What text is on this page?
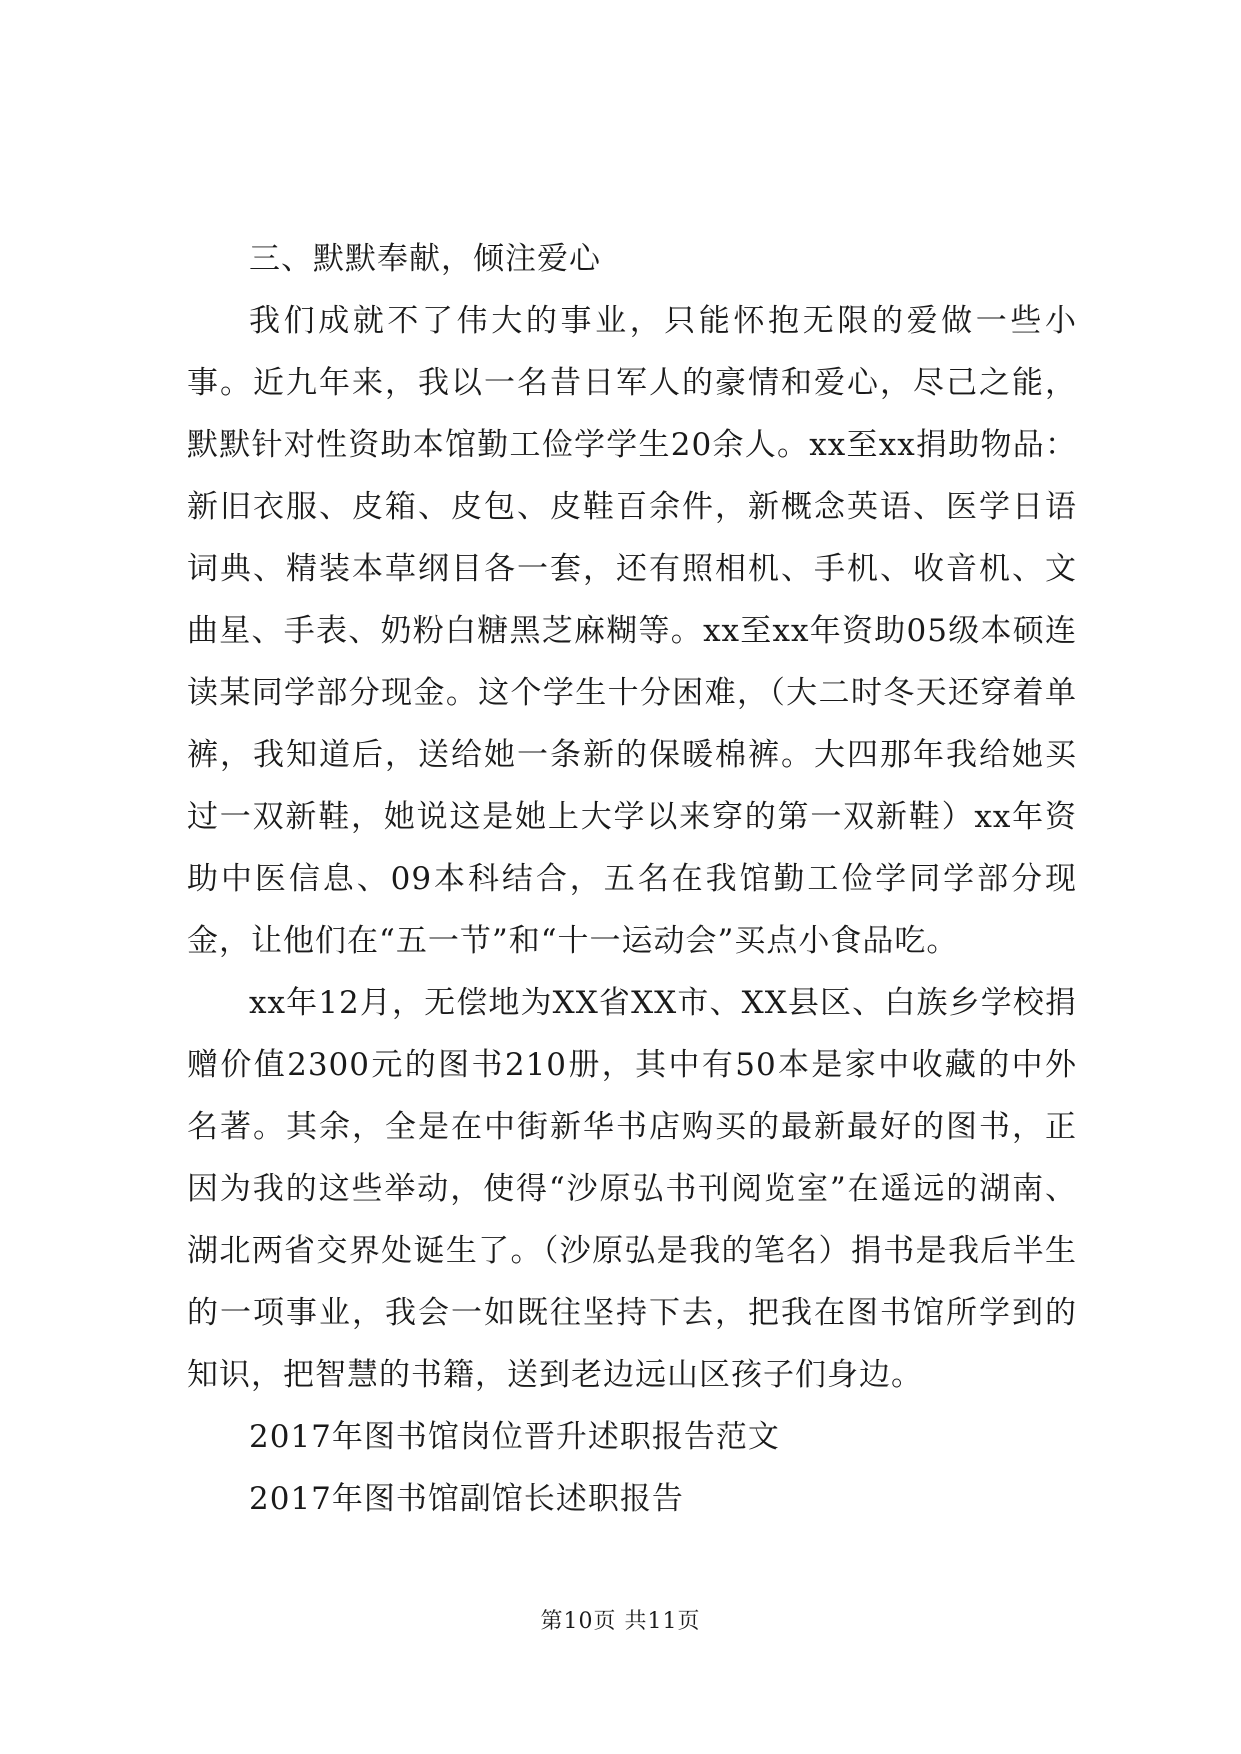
三、默默奉献，倾注爱心

我们成就不了伟大的事业，只能怀抱无限的爱做一些小事。近九年来，我以一名昔日军人的豪情和爱心，尽己之能，默默针对性资助本馆勤工俭学学生20余人。xx至xx捐助物品：新旧衣服、皮箱、皮包、皮鞋百余件，新概念英语、医学日语词典、精装本草纲目各一套，还有照相机、手机、收音机、文曲星、手表、奶粉白糖黑芝麻糊等。xx至xx年资助05级本硕连读某同学部分现金。这个学生十分困难，（大二时冬天还穿着单裤，我知道后，送给她一条新的保暖棉裤。大四那年我给她买过一双新鞋，她说这是她上大学以来穿的第一双新鞋）xx年资助中医信息、09本科结合，五名在我馆勤工俭学同学部分现金，让他们在“五一节”和“十一运动会”买点小食品吃。

xx年12月，无偿地为XX省XX市、XX县区、白族乡学校捐赠价值2300元的图书210册，其中有50本是家中收藏的中外名著。其余，全是在中街新华书店购买的最新最好的图书，正因为我的这些举动，使得“沙原弘书刊阅览室”在遥远的湖南、湖北两省交界处诞生了。（沙原弘是我的笔名）捐书是我后半生的一项事业，我会一如既往坚持下去，把我在图书馆所学到的知识，把智慧的书籍，送到老边远山区孩子们身边。

2017年图书馆岗位晋升述职报告范文

2017年图书馆副馆长述职报告

第10页 共11页
